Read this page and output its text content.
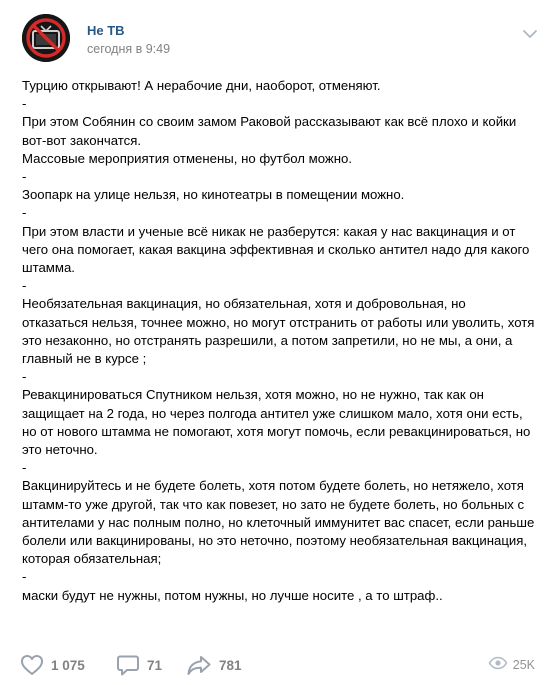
Не ТВ
сегодня в 9:49

Турцию открывают! А нерабочие дни, наоборот, отменяют.

-

При этом Собянин со своим замом Раковой рассказывают как всё плохо и койки вот-вот закончатся.

Массовые мероприятия отменены, но футбол можно.

-

Зоопарк на улице нельзя, но кинотеатры в помещении можно.

-

При этом власти и ученые всё никак не разберутся: какая у нас вакцинация и от чего она помогает, какая вакцина эффективная и сколько антител надо для какого штамма.

-

Необязательная вакцинация, но обязательная, хотя и добровольная, но отказаться нельзя, точнее можно, но могут отстранить от работы или уволить, хотя это незаконно, но отстранять разрешили, а потом запретили, но не мы, а они, а главный не в курсе ;

-

Ревакцинироваться Спутником нельзя, хотя можно, но не нужно, так как он защищает на 2 года, но через полгода антител уже слишком мало, хотя они есть, но от нового штамма не помогают, хотя могут помочь, если ревакцинироваться, но это неточно.

-

Вакцинируйтесь и не будете болеть, хотя потом будете болеть, но нетяжело, хотя штамм-то уже другой, так что как повезет, но зато не будете болеть, но больных с антителами у нас полным полно, но клеточный иммунитет вас спасет, если раньше болели или вакцинированы, но это неточно, поэтому необязательная вакцинация, которая обязательная;

-

маски будут не нужны, потом нужны, но лучше носите , а то штраф..

1 075	71	781	25K
